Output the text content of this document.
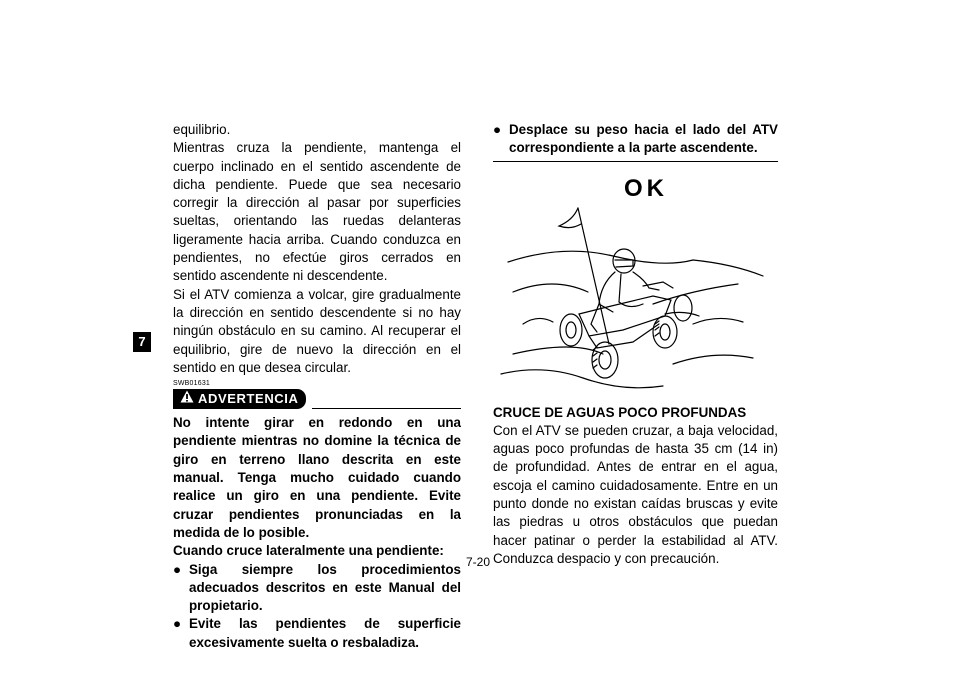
7

equilibrio.

Mientras cruza la pendiente, mantenga el cuerpo inclinado en el sentido ascendente de dicha pendiente. Puede que sea necesario corregir la dirección al pasar por superficies sueltas, orientando las ruedas delanteras ligeramente hacia arriba. Cuando conduzca en pendientes, no efectúe giros cerrados en sentido ascendente ni descendente.

Si el ATV comienza a volcar, gire gradualmente la dirección en sentido descendente si no hay ningún obstáculo en su camino. Al recuperar el equilibrio, gire de nuevo la dirección en el sentido en que desea circular.

SWB01631
ADVERTENCIA

No intente girar en redondo en una pendiente mientras no domine la técnica de giro en terreno llano descrita en este manual. Tenga mucho cuidado cuando realice un giro en una pendiente. Evite cruzar pendientes pronunciadas en la medida de lo posible.

Cuando cruce lateralmente una pendiente:

● Siga siempre los procedimientos adecuados descritos en este Manual del propietario.
● Evite las pendientes de superficie excesivamente suelta o resbaladiza.
● Desplace su peso hacia el lado del ATV correspondiente a la parte ascendente.
OK

CRUCE DE AGUAS POCO PROFUNDAS

Con el ATV se pueden cruzar, a baja velocidad, aguas poco profundas de hasta 35 cm (14 in) de profundidad. Antes de entrar en el agua, escoja el camino cuidadosamente. Entre en un punto donde no existan caídas bruscas y evite las piedras u otros obstáculos que puedan hacer patinar o perder la estabilidad al ATV. Conduzca despacio y con precaución.

7-20
